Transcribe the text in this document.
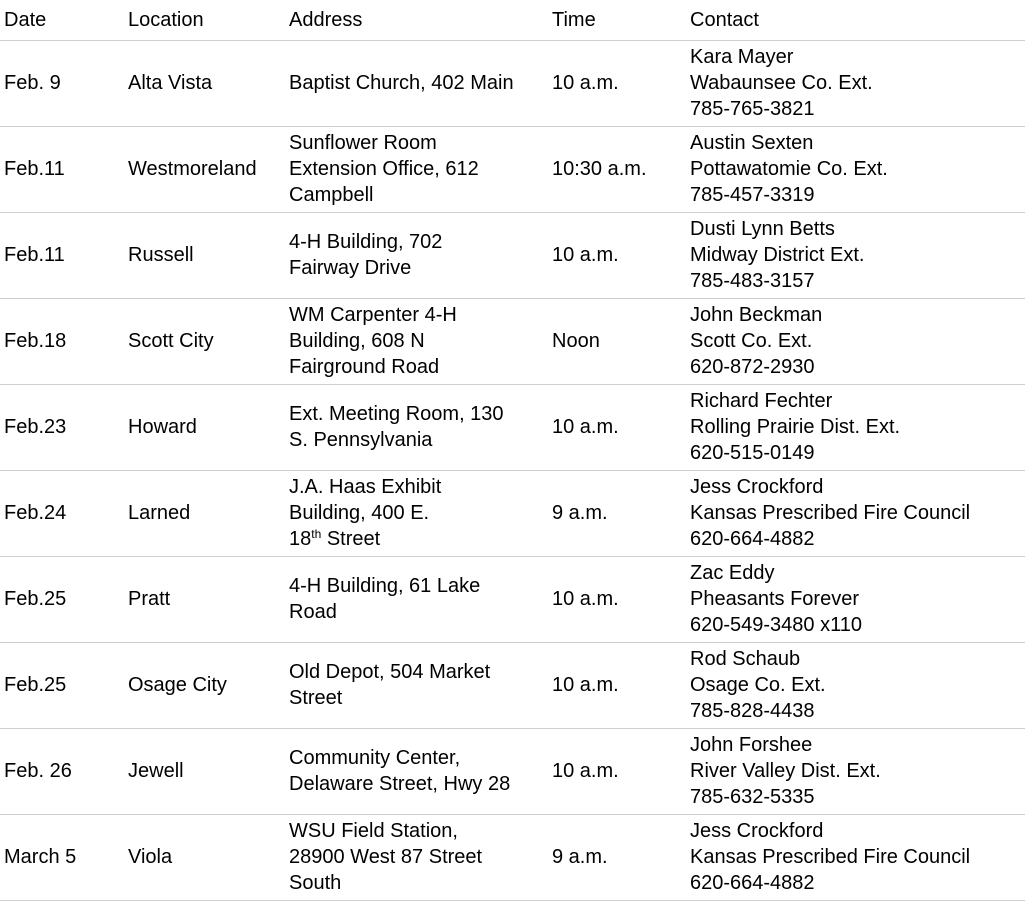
Date	Location	Address	Time	Contact
Feb. 9	Alta Vista	Baptist Church, 402 Main	10 a.m.	Kara Mayer
Wabaunsee Co. Ext.
785-765-3821

Feb.11	Westmoreland	Sunflower Room
Extension Office, 612
Campbell	10:30 a.m.	Austin Sexten
Pottawatomie Co. Ext.
785-457-3319

Feb.11	Russell	4-H Building, 702
Fairway Drive	10 a.m.	Dusti Lynn Betts
Midway District Ext.
785-483-3157

Feb.18	Scott City	WM Carpenter 4-H
Building, 608 N
Fairground Road	Noon	John Beckman
Scott Co. Ext.
620-872-2930

Feb.23	Howard	Ext. Meeting Room, 130
S. Pennsylvania	10 a.m.	Richard Fechter
Rolling Prairie Dist. Ext.
620-515-0149

Feb.24	Larned	J.A. Haas Exhibit
Building, 400 E.
18th Street	9 a.m.	Jess Crockford
Kansas Prescribed Fire Council
620-664-4882

Feb.25	Pratt	4-H Building, 61 Lake
Road	10 a.m.	Zac Eddy
Pheasants Forever
620-549-3480 x110

Feb.25	Osage City	Old Depot, 504 Market
Street	10 a.m.	Rod Schaub
Osage Co. Ext.
785-828-4438

Feb. 26	Jewell	Community Center,
Delaware Street, Hwy 28	10 a.m.	John Forshee
River Valley Dist. Ext.
785-632-5335

March 5	Viola	WSU Field Station,
28900 West 87 Street
South	9 a.m.	Jess Crockford
Kansas Prescribed Fire Council
620-664-4882
